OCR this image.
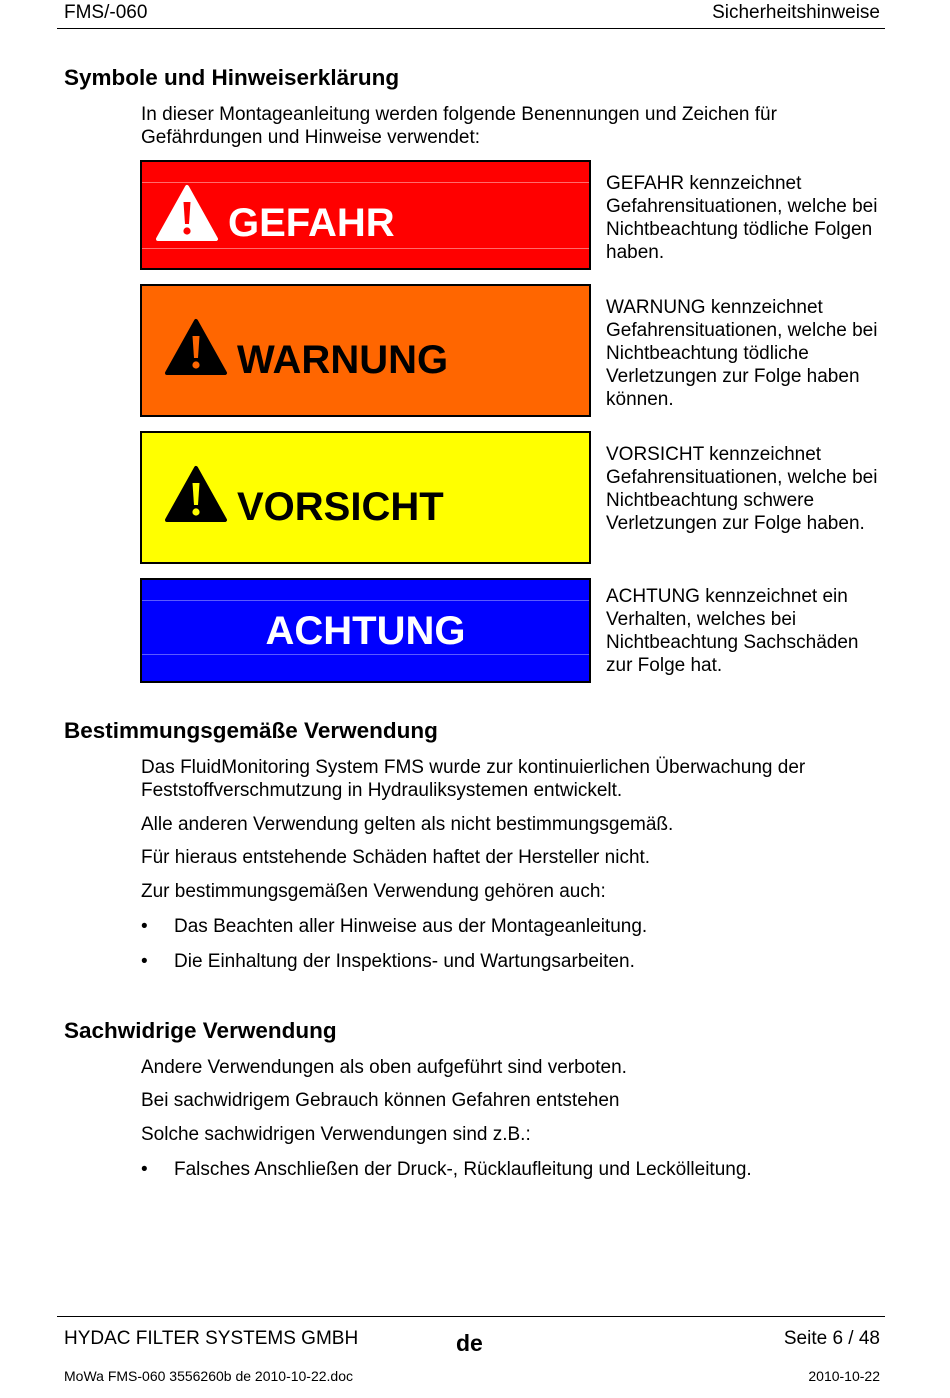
FMS/-060	Sicherheitshinweise
Symbole und Hinweiserklärung
In dieser Montageanleitung werden folgende Benennungen und Zeichen für Gefährdungen und Hinweise verwendet:
GEFAHR
GEFAHR kennzeichnet Gefahrensituationen, welche bei Nichtbeachtung tödliche Folgen haben.
WARNUNG
WARNUNG kennzeichnet Gefahrensituationen, welche bei Nichtbeachtung tödliche Verletzungen zur Folge haben können.
VORSICHT
VORSICHT kennzeichnet Gefahrensituationen, welche bei Nichtbeachtung schwere Verletzungen zur Folge haben.
ACHTUNG
ACHTUNG kennzeichnet ein Verhalten, welches bei Nichtbeachtung Sachschäden zur Folge hat.
Bestimmungsgemäße Verwendung
Das FluidMonitoring System FMS wurde zur kontinuierlichen Überwachung der Feststoffverschmutzung in Hydrauliksystemen entwickelt.
Alle anderen Verwendung gelten als nicht bestimmungsgemäß.
Für hieraus entstehende Schäden haftet der Hersteller nicht.
Zur bestimmungsgemäßen Verwendung gehören auch:
• Das Beachten aller Hinweise aus der Montageanleitung.
• Die Einhaltung der Inspektions- und Wartungsarbeiten.
Sachwidrige Verwendung
Andere Verwendungen als oben aufgeführt sind verboten.
Bei sachwidrigem Gebrauch können Gefahren entstehen
Solche sachwidrigen Verwendungen sind z.B.:
• Falsches Anschließen der Druck-, Rücklaufleitung und Leckölleitung.
HYDAC FILTER SYSTEMS GMBH	de	Seite 6 / 48
MoWa FMS-060 3556260b de 2010-10-22.doc	2010-10-22
